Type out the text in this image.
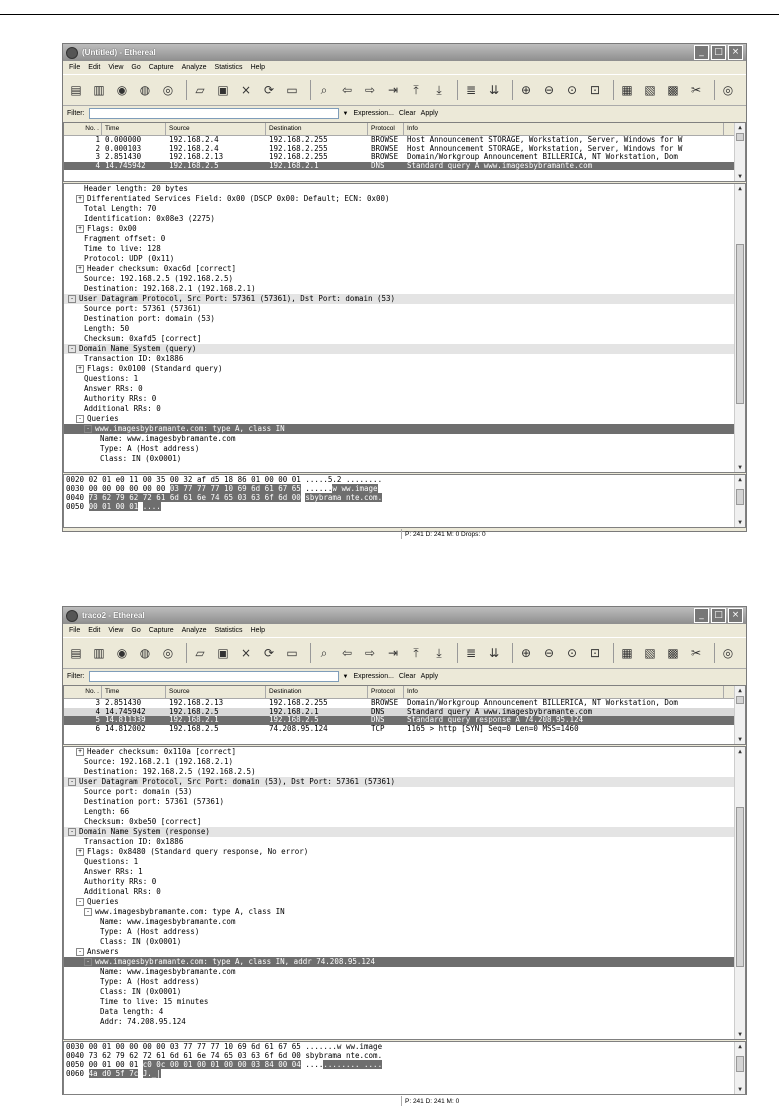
(Untitled) - Ethereal	_	□ ×
File Edit View Go Capture Analyze Statistics Help
▤ ▥	◉	◍	◎	▱	▣	×	⟳	▭	⌕	⇦	⇨	⇥	⤒	⤓	≣	⇊	⊕	⊖	⊙	⊡	▦ ▧ ▩	✂	◎
Filter:	▼ Expression... Clear Apply
No. . Time	Source	Destination	Protocol	Info
1 0.000000	192.168.2.4	192.168.2.255	BROWSE	Host Announcement STORAGE, Workstation, Server, Windows for W
2 0.000103	192.168.2.4	192.168.2.255	BROWSE	Host Announcement STORAGE, Workstation, Server, Windows for W
3 2.851430	192.168.2.13	192.168.2.255	BROWSE	Domain/Workgroup Announcement BILLERICA, NT Workstation, Dom
4 14.745942	192.168.2.5	192.168.2.1	DNS	Standard query A www.imagesbybramante.com
▲
▼
Header length: 20 bytes
+ Differentiated Services Field: 0x00 (DSCP 0x00: Default; ECN: 0x00)
Total Length: 70
Identification: 0x08e3 (2275)
+ Flags: 0x00
Fragment offset: 0
Time to live: 128
Protocol: UDP (0x11)
+ Header checksum: 0xac6d [correct]
Source: 192.168.2.5 (192.168.2.5)
Destination: 192.168.2.1 (192.168.2.1)
- User Datagram Protocol, Src Port: 57361 (57361), Dst Port: domain (53)
Source port: 57361 (57361)
Destination port: domain (53)
Length: 50
Checksum: 0xafd5 [correct]
- Domain Name System (query)
Transaction ID: 0x1886
+ Flags: 0x0100 (Standard query)
Questions: 1
Answer RRs: 0
Authority RRs: 0
Additional RRs: 0
- Queries
- www.imagesbybramante.com: type A, class IN
Name: www.imagesbybramante.com
Type: A (Host address)
Class: IN (0x0001)
▲
▼
0020 02 01 e0 11 00 35 00 32 af d5 18 86 01 00 00 01 .....5.2 ........
0030 00 00 00 00 00 00 03 77 77 77 10 69 6d 61 67 65 ......w ww.image
0040 73 62 79 62 72 61 6d 61 6e 74 65 03 63 6f 6d 00 sbybrama nte.com.
0050 00 01 00 01 ....
▲
▼
P: 241 D: 241 M: 0 Drops: 0
traco2 - Ethereal	_	□ ×
File Edit View Go Capture Analyze Statistics Help
▤ ▥	◉	◍	◎	▱	▣	×	⟳	▭	⌕	⇦	⇨	⇥	⤒	⤓	≣	⇊	⊕	⊖	⊙	⊡	▦ ▧ ▩	✂	◎
Filter:	▼ Expression... Clear Apply
No. . Time	Source	Destination	Protocol	Info
3 2.851430	192.168.2.13	192.168.2.255	BROWSE	Domain/Workgroup Announcement BILLERICA, NT Workstation, Dom
4 14.745942	192.168.2.5	192.168.2.1	DNS	Standard query A www.imagesbybramante.com
5 14.811339	192.168.2.1	192.168.2.5	DNS	Standard query response A 74.208.95.124
6 14.812002	192.168.2.5	74.208.95.124	TCP	1165 > http [SYN] Seq=0 Len=0 MSS=1460
▲
▼
+ Header checksum: 0x110a [correct]
Source: 192.168.2.1 (192.168.2.1)
Destination: 192.168.2.5 (192.168.2.5)
- User Datagram Protocol, Src Port: domain (53), Dst Port: 57361 (57361)
Source port: domain (53)
Destination port: 57361 (57361)
Length: 66
Checksum: 0xbe50 [correct]
- Domain Name System (response)
Transaction ID: 0x1886
+ Flags: 0x8480 (Standard query response, No error)
Questions: 1
Answer RRs: 1
Authority RRs: 0
Additional RRs: 0
- Queries
- www.imagesbybramante.com: type A, class IN
Name: www.imagesbybramante.com
Type: A (Host address)
Class: IN (0x0001)
- Answers
- www.imagesbybramante.com: type A, class IN, addr 74.208.95.124
Name: www.imagesbybramante.com
Type: A (Host address)
Class: IN (0x0001)
Time to live: 15 minutes
Data length: 4
Addr: 74.208.95.124
▲
▼
0030 00 01 00 00 00 00 03 77 77 77 10 69 6d 61 67 65 .......w ww.image
0040 73 62 79 62 72 61 6d 61 6e 74 65 03 63 6f 6d 00 sbybrama nte.com.
0050 00 01 00 01 c0 0c 00 01 00 01 00 00 03 84 00 04 ............ ....
0060 4a d0 5f 7c J._|
▲
▼
P: 241 D: 241 M: 0
